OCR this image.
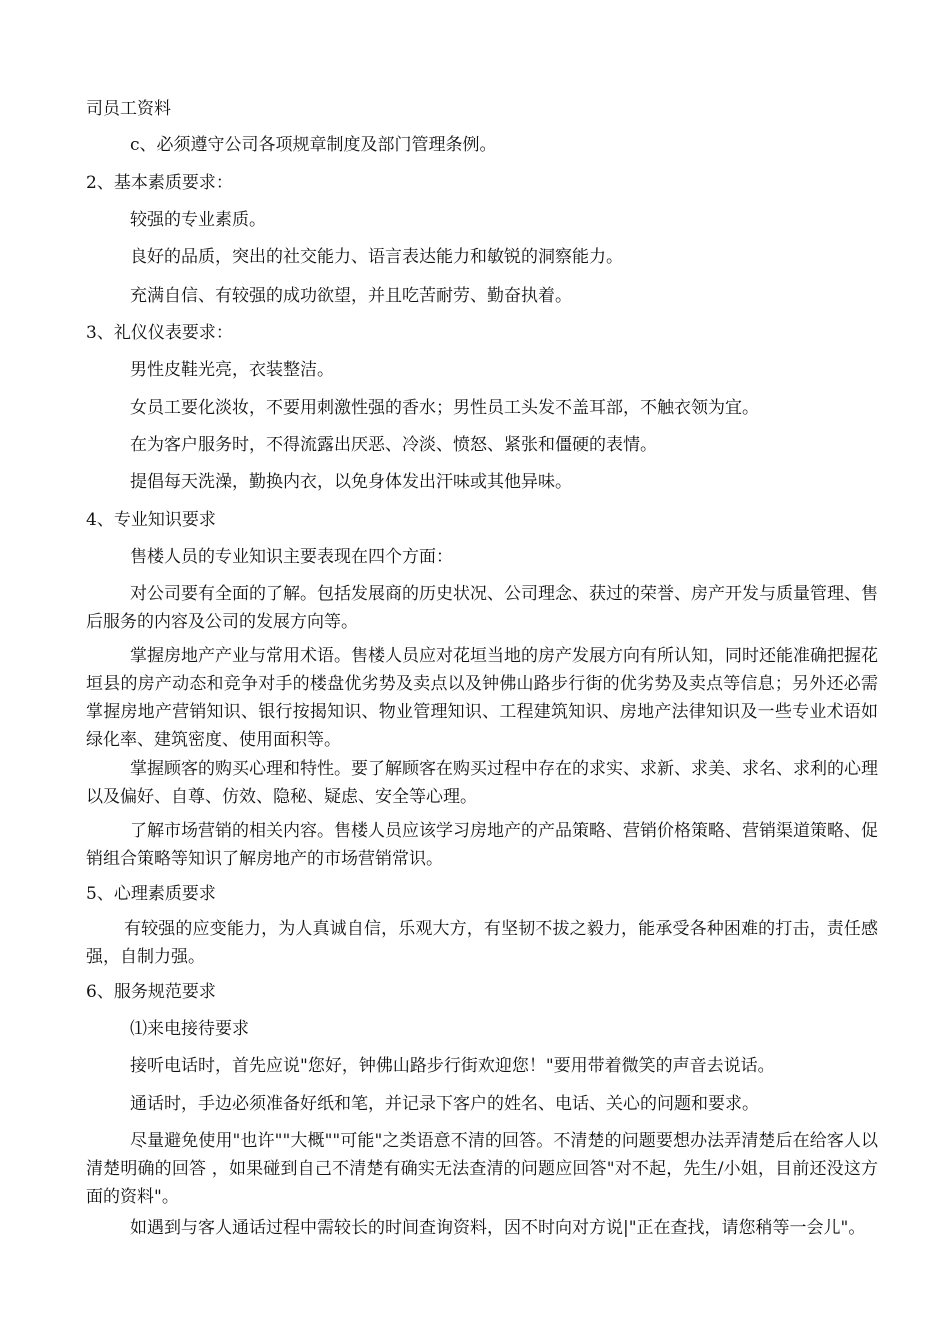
司员工资料
c、必须遵守公司各项规章制度及部门管理条例。
2、基本素质要求：
较强的专业素质。
良好的品质，突出的社交能力、语言表达能力和敏锐的洞察能力。
充满自信、有较强的成功欲望，并且吃苦耐劳、勤奋执着。
3、礼仪仪表要求：
男性皮鞋光亮，衣装整洁。
女员工要化淡妆，不要用刺激性强的香水；男性员工头发不盖耳部，不触衣领为宜。
在为客户服务时，不得流露出厌恶、冷淡、愤怒、紧张和僵硬的表情。
提倡每天洗澡，勤换内衣，以免身体发出汗味或其他异味。
4、专业知识要求
售楼人员的专业知识主要表现在四个方面：
对公司要有全面的了解。包括发展商的历史状况、公司理念、获过的荣誉、房产开发与质量管理、售后服务的内容及公司的发展方向等。
掌握房地产产业与常用术语。售楼人员应对花垣当地的房产发展方向有所认知，同时还能准确把握花垣县的房产动态和竞争对手的楼盘优劣势及卖点以及钟佛山路步行街的优劣势及卖点等信息；另外还必需掌握房地产营销知识、银行按揭知识、物业管理知识、工程建筑知识、房地产法律知识及一些专业术语如绿化率、建筑密度、使用面积等。
掌握顾客的购买心理和特性。要了解顾客在购买过程中存在的求实、求新、求美、求名、求利的心理以及偏好、自尊、仿效、隐秘、疑虑、安全等心理。
了解市场营销的相关内容。售楼人员应该学习房地产的产品策略、营销价格策略、营销渠道策略、促销组合策略等知识了解房地产的市场营销常识。
5、心理素质要求
有较强的应变能力，为人真诚自信，乐观大方，有坚韧不拔之毅力，能承受各种困难的打击，责任感强，自制力强。
6、服务规范要求
⑴来电接待要求
接听电话时，首先应说"您好，钟佛山路步行街欢迎您！"要用带着微笑的声音去说话。
通话时，手边必须准备好纸和笔，并记录下客户的姓名、电话、关心的问题和要求。
尽量避免使用"也许""大概""可能"之类语意不清的回答。不清楚的问题要想办法弄清楚后在给客人以清楚明确的回答 ，如果碰到自己不清楚有确实无法查清的问题应回答"对不起，先生/小姐，目前还没这方面的资料"。
如遇到与客人通话过程中需较长的时间查询资料，因不时向对方说|"正在查找，请您稍等一会儿"。
